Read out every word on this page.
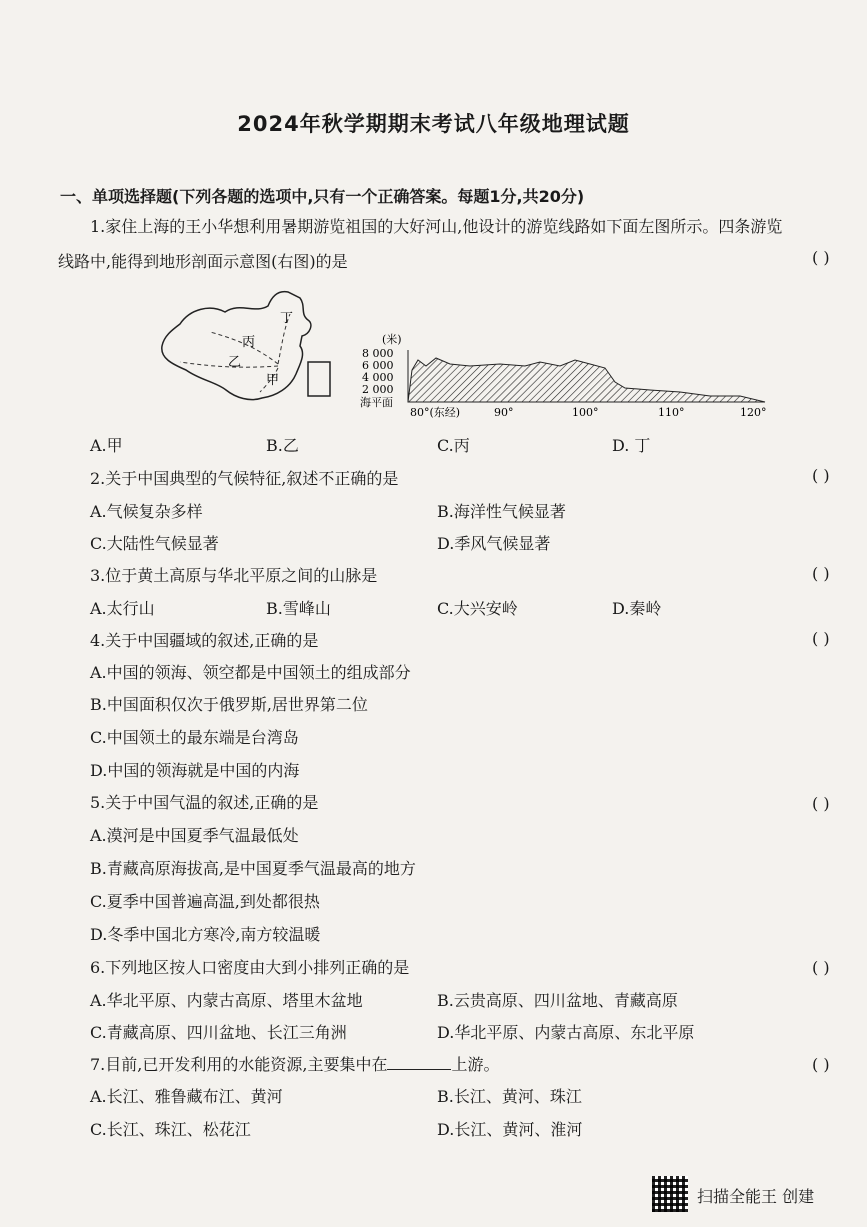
2024年秋学期期末考试八年级地理试题
一、单项选择题(下列各题的选项中,只有一个正确答案。每题1分,共20分)
1.家住上海的王小华想利用暑期游览祖国的大好河山,他设计的游览线路如下面左图所示。四条游览
线路中,能得到地形剖面示意图(右图)的是	( )
丁
丙
乙
甲
(米)
8 000
6 000
4 000
2 000
海平面
80°(东经)	90°	100°	110°	120°
A.甲	B.乙	C.丙	D. 丁
2.关于中国典型的气候特征,叙述不正确的是	( )
A.气候复杂多样	B.海洋性气候显著
C.大陆性气候显著	D.季风气候显著
3.位于黄土高原与华北平原之间的山脉是	( )
A.太行山	B.雪峰山	C.大兴安岭	D.秦岭
4.关于中国疆域的叙述,正确的是	( )
A.中国的领海、领空都是中国领土的组成部分
B.中国面积仅次于俄罗斯,居世界第二位
C.中国领土的最东端是台湾岛
D.中国的领海就是中国的内海
5.关于中国气温的叙述,正确的是	( )
A.漠河是中国夏季气温最低处
B.青藏高原海拔高,是中国夏季气温最高的地方
C.夏季中国普遍高温,到处都很热
D.冬季中国北方寒冷,南方较温暖
6.下列地区按人口密度由大到小排列正确的是	( )
A.华北平原、内蒙古高原、塔里木盆地	B.云贵高原、四川盆地、青藏高原
C.青藏高原、四川盆地、长江三角洲	D.华北平原、内蒙古高原、东北平原
7.目前,已开发利用的水能资源,主要集中在	上游。	( )
A.长江、雅鲁藏布江、黄河	B.长江、黄河、珠江
C.长江、珠江、松花江	D.长江、黄河、淮河
扫描全能王 创建
